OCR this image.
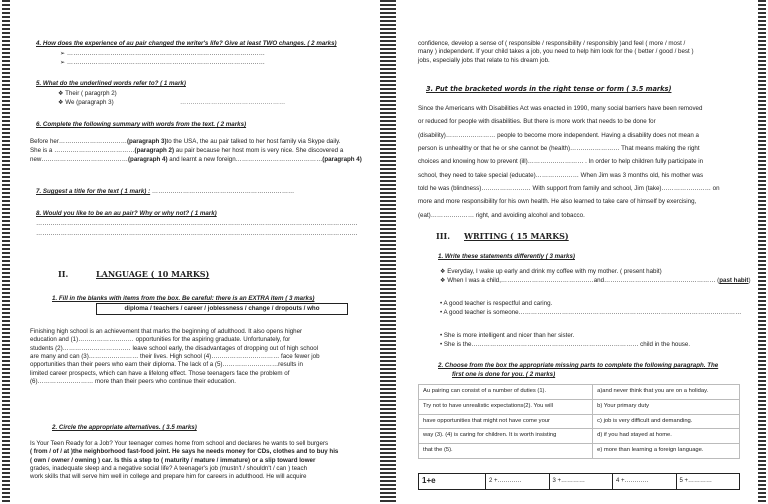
4. How does the experience of au pair changed the writer's life? Give at least TWO changes. ( 2 marks)
➢ ……………………………………………………………………………………
➢ ……………………………………………………………………………………
5. What do the underlined words refer to? ( 1 mark)
❖ Their ( paragrph 2)
❖ We (paragraph 3)	……………………………………………
6. Complete the following summary with words from the text. ( 2 marks)
Before her……………………………(paragraph 3)to the USA, the au pair talked to her host family via Skype daily.
She is a …………………………………(paragraph 2) au pair because her host mom is very nice. She discovered a
new……………………………………(paragraph 4) and learnt a new foreign……………………………………(paragraph 4)
7. Suggest a title for the text ( 1 mark) : ……………………………………………………………
8. Would you like to be an au pair? Why or why not? ( 1 mark)
…………………………………………………………………………………………………………………………………………
…………………………………………………………………………………………………………………………………………
II.	LANGUAGE ( 10 MARKS)
1. Fill in the blanks with items from the box. Be careful: there is an EXTRA item ( 3 marks)
diploma / teachers / career / joblessness / change / dropouts / who
Finishing high school is an achievement that marks the beginning of adulthood. It also opens higher
education and (1)……………………… opportunities for the aspiring graduate. Unfortunately, for
students (2)…………………………… leave school early, the disadvantages of dropping out of high school
are many and can (3)…………………… their lives. High school (4)…………………………… face fewer job
opportunities than their peers who earn their diploma. The lack of a (5)………………………results in
limited career prospects, which can have a lifelong effect. Those teenagers face the problem of
(6)……………………… more than their peers who continue their education.
2. Circle the appropriate alternatives. ( 3.5 marks)
Is Your Teen Ready for a Job? Your teenager comes home from school and declares he wants to sell burgers
( from / of / at )the neighborhood fast-food joint. He says he needs money for CDs, clothes and to buy his
( own / owner / owning ) car. Is this a step to ( maturity / mature / immature) or a slip toward lower
grades, inadequate sleep and a negative social life? A teenager's job (mustn't / shouldn't / can ) teach
work skills that will serve him well in college and prepare him for careers in adulthood. He will acquire
confidence, develop a sense of ( responsible / responsibility / responsibly )and feel ( more / most /
many ) independent. If your child takes a job, you need to help him look for the ( better / good / best )
jobs, especially jobs that relate to his dream job.
3. Put the bracketed words in the right tense or form ( 3.5 marks)
Since the Americans with Disabilities Act was enacted in 1990, many social barriers have been removed
or reduced for people with disabilities. But there is more work that needs to be done for
(disability)…………………… people to become more independent. Having a disability does not mean a
person is unhealthy or that he or she cannot be (health)…………………… That means making the right
choices and knowing how to prevent (ill)……………………… . In order to help children fully participate in
school, they need to take special (educate)………………… When Jim was 3 months old, his mother was
told he was (blindness)…………………… With support from family and school, Jim (take)…………………… on
more and more responsibility for his own health. He also learned to take care of himself by exercising,
(eat)………………… right, and avoiding alcohol and tobacco.
III. WRITING ( 15 MARKS)
1. Write these statements differently ( 3 marks)
❖ Everyday, I wake up early and drink my coffee with my mother. ( present habit)
❖ When I was a child,………………………………………and……………………………………………… (past habit)
• A good teacher is respectful and caring.
• A good teacher is someone………………………………………………………………………………………………
• She is more intelligent and nicer than her sister.
• She is the……………………………………………………………………… child in the house.
2. Choose from the box the appropriate missing parts to complete the following paragraph. The
first one is done for you. ( 2 marks)
Au pairing can consist of a number of duties (1).	a)and never think that you are on a holiday.
Try not to have unrealistic expectations(2). You will	b) Your primary duty
have opportunities that might not have come your	c) job is very difficult and demanding.
way (3). (4) is caring for children. It is worth insisting	d) if you had stayed at home.
that the (5).	e) more than learning a foreign language.
1+e	2 +…………	3 +…………	4 +…………	5 +…………
